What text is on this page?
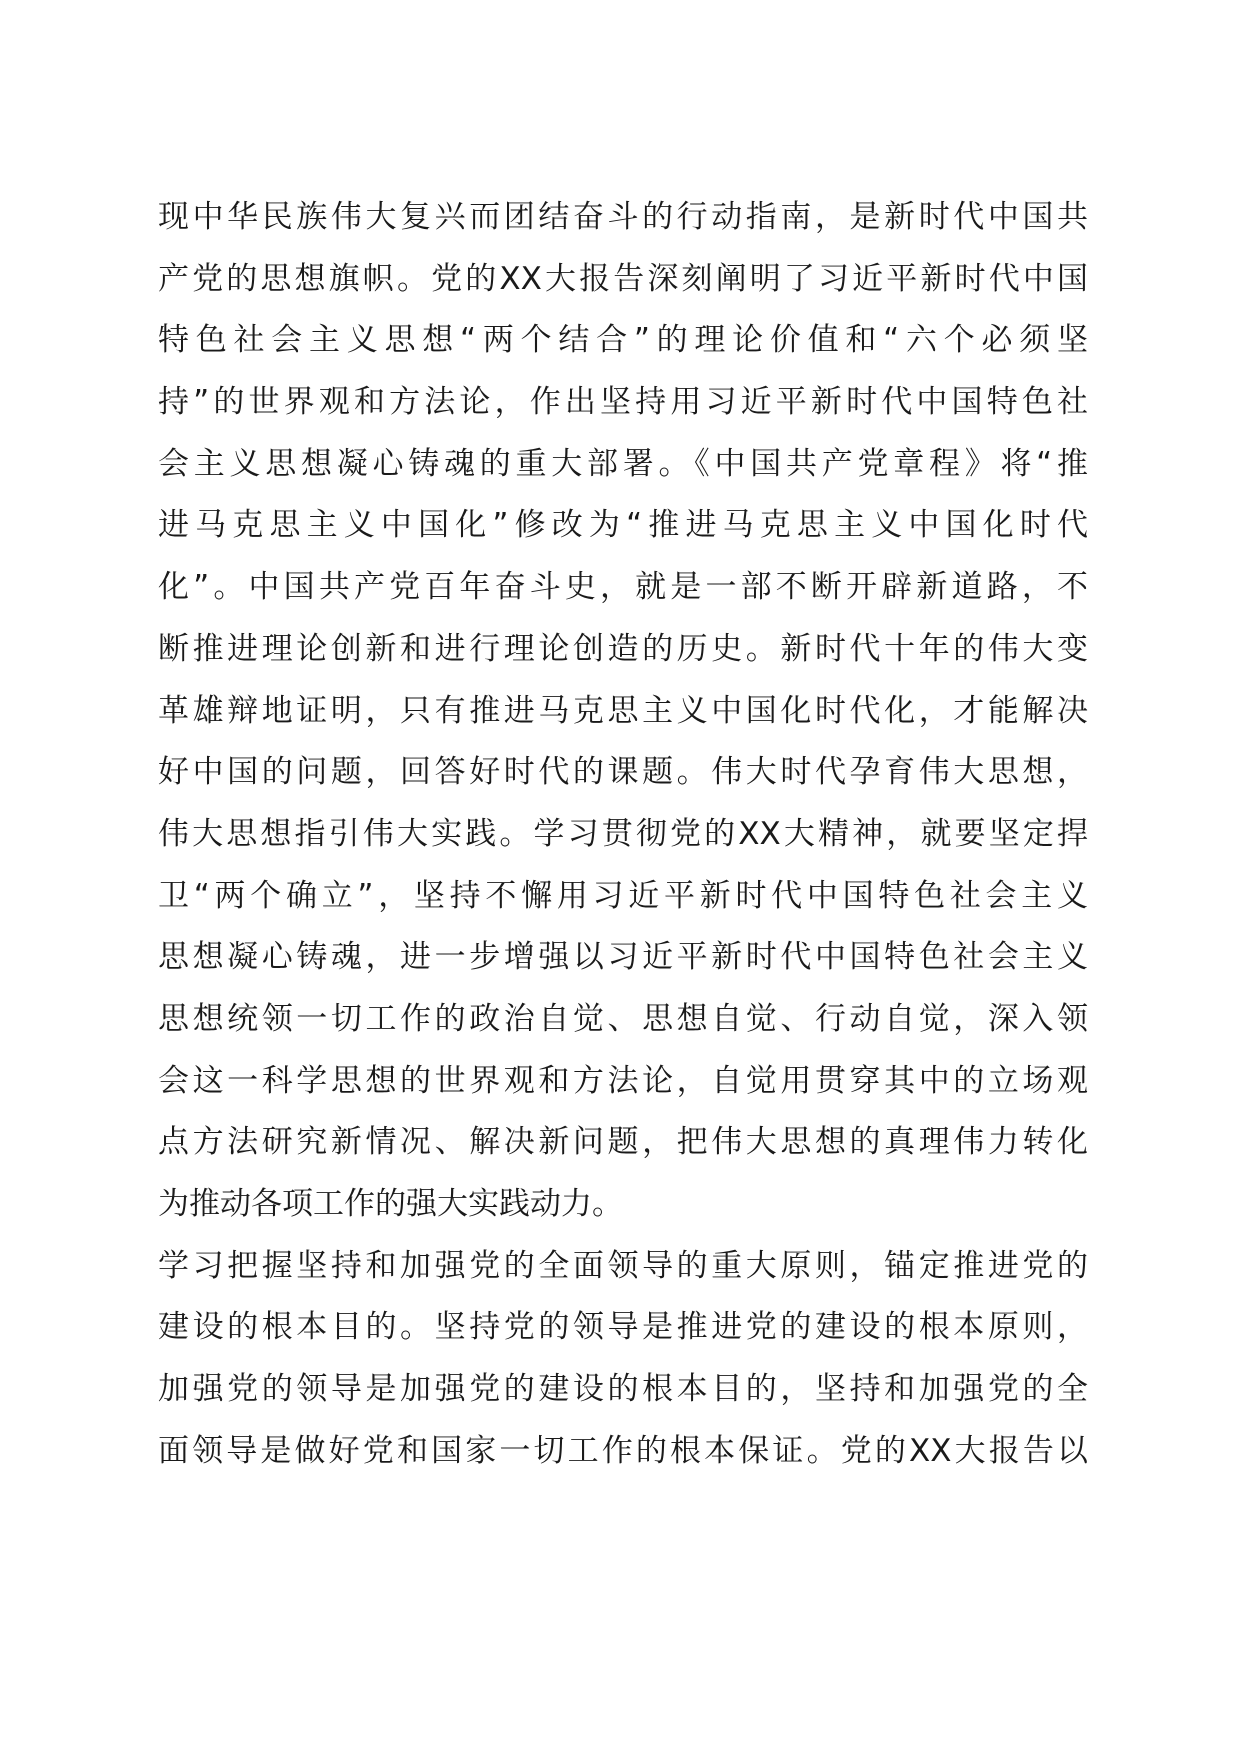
现中华民族伟大复兴而团结奋斗的行动指南，是新时代中国共
产党的思想旗帜。党的XX大报告深刻阐明了习近平新时代中国
特色社会主义思想“两个结合”的理论价值和“六个必须坚
持”的世界观和方法论，作出坚持用习近平新时代中国特色社
会主义思想凝心铸魂的重大部署。《中国共产党章程》将“推
进马克思主义中国化”修改为“推进马克思主义中国化时代
化”。中国共产党百年奋斗史，就是一部不断开辟新道路，不
断推进理论创新和进行理论创造的历史。新时代十年的伟大变
革雄辩地证明，只有推进马克思主义中国化时代化，才能解决
好中国的问题，回答好时代的课题。伟大时代孕育伟大思想，
伟大思想指引伟大实践。学习贯彻党的XX大精神，就要坚定捍
卫“两个确立”，坚持不懈用习近平新时代中国特色社会主义
思想凝心铸魂，进一步增强以习近平新时代中国特色社会主义
思想统领一切工作的政治自觉、思想自觉、行动自觉，深入领
会这一科学思想的世界观和方法论，自觉用贯穿其中的立场观
点方法研究新情况、解决新问题，把伟大思想的真理伟力转化
为推动各项工作的强大实践动力。
学习把握坚持和加强党的全面领导的重大原则，锚定推进党的
建设的根本目的。坚持党的领导是推进党的建设的根本原则，
加强党的领导是加强党的建设的根本目的，坚持和加强党的全
面领导是做好党和国家一切工作的根本保证。党的XX大报告以
